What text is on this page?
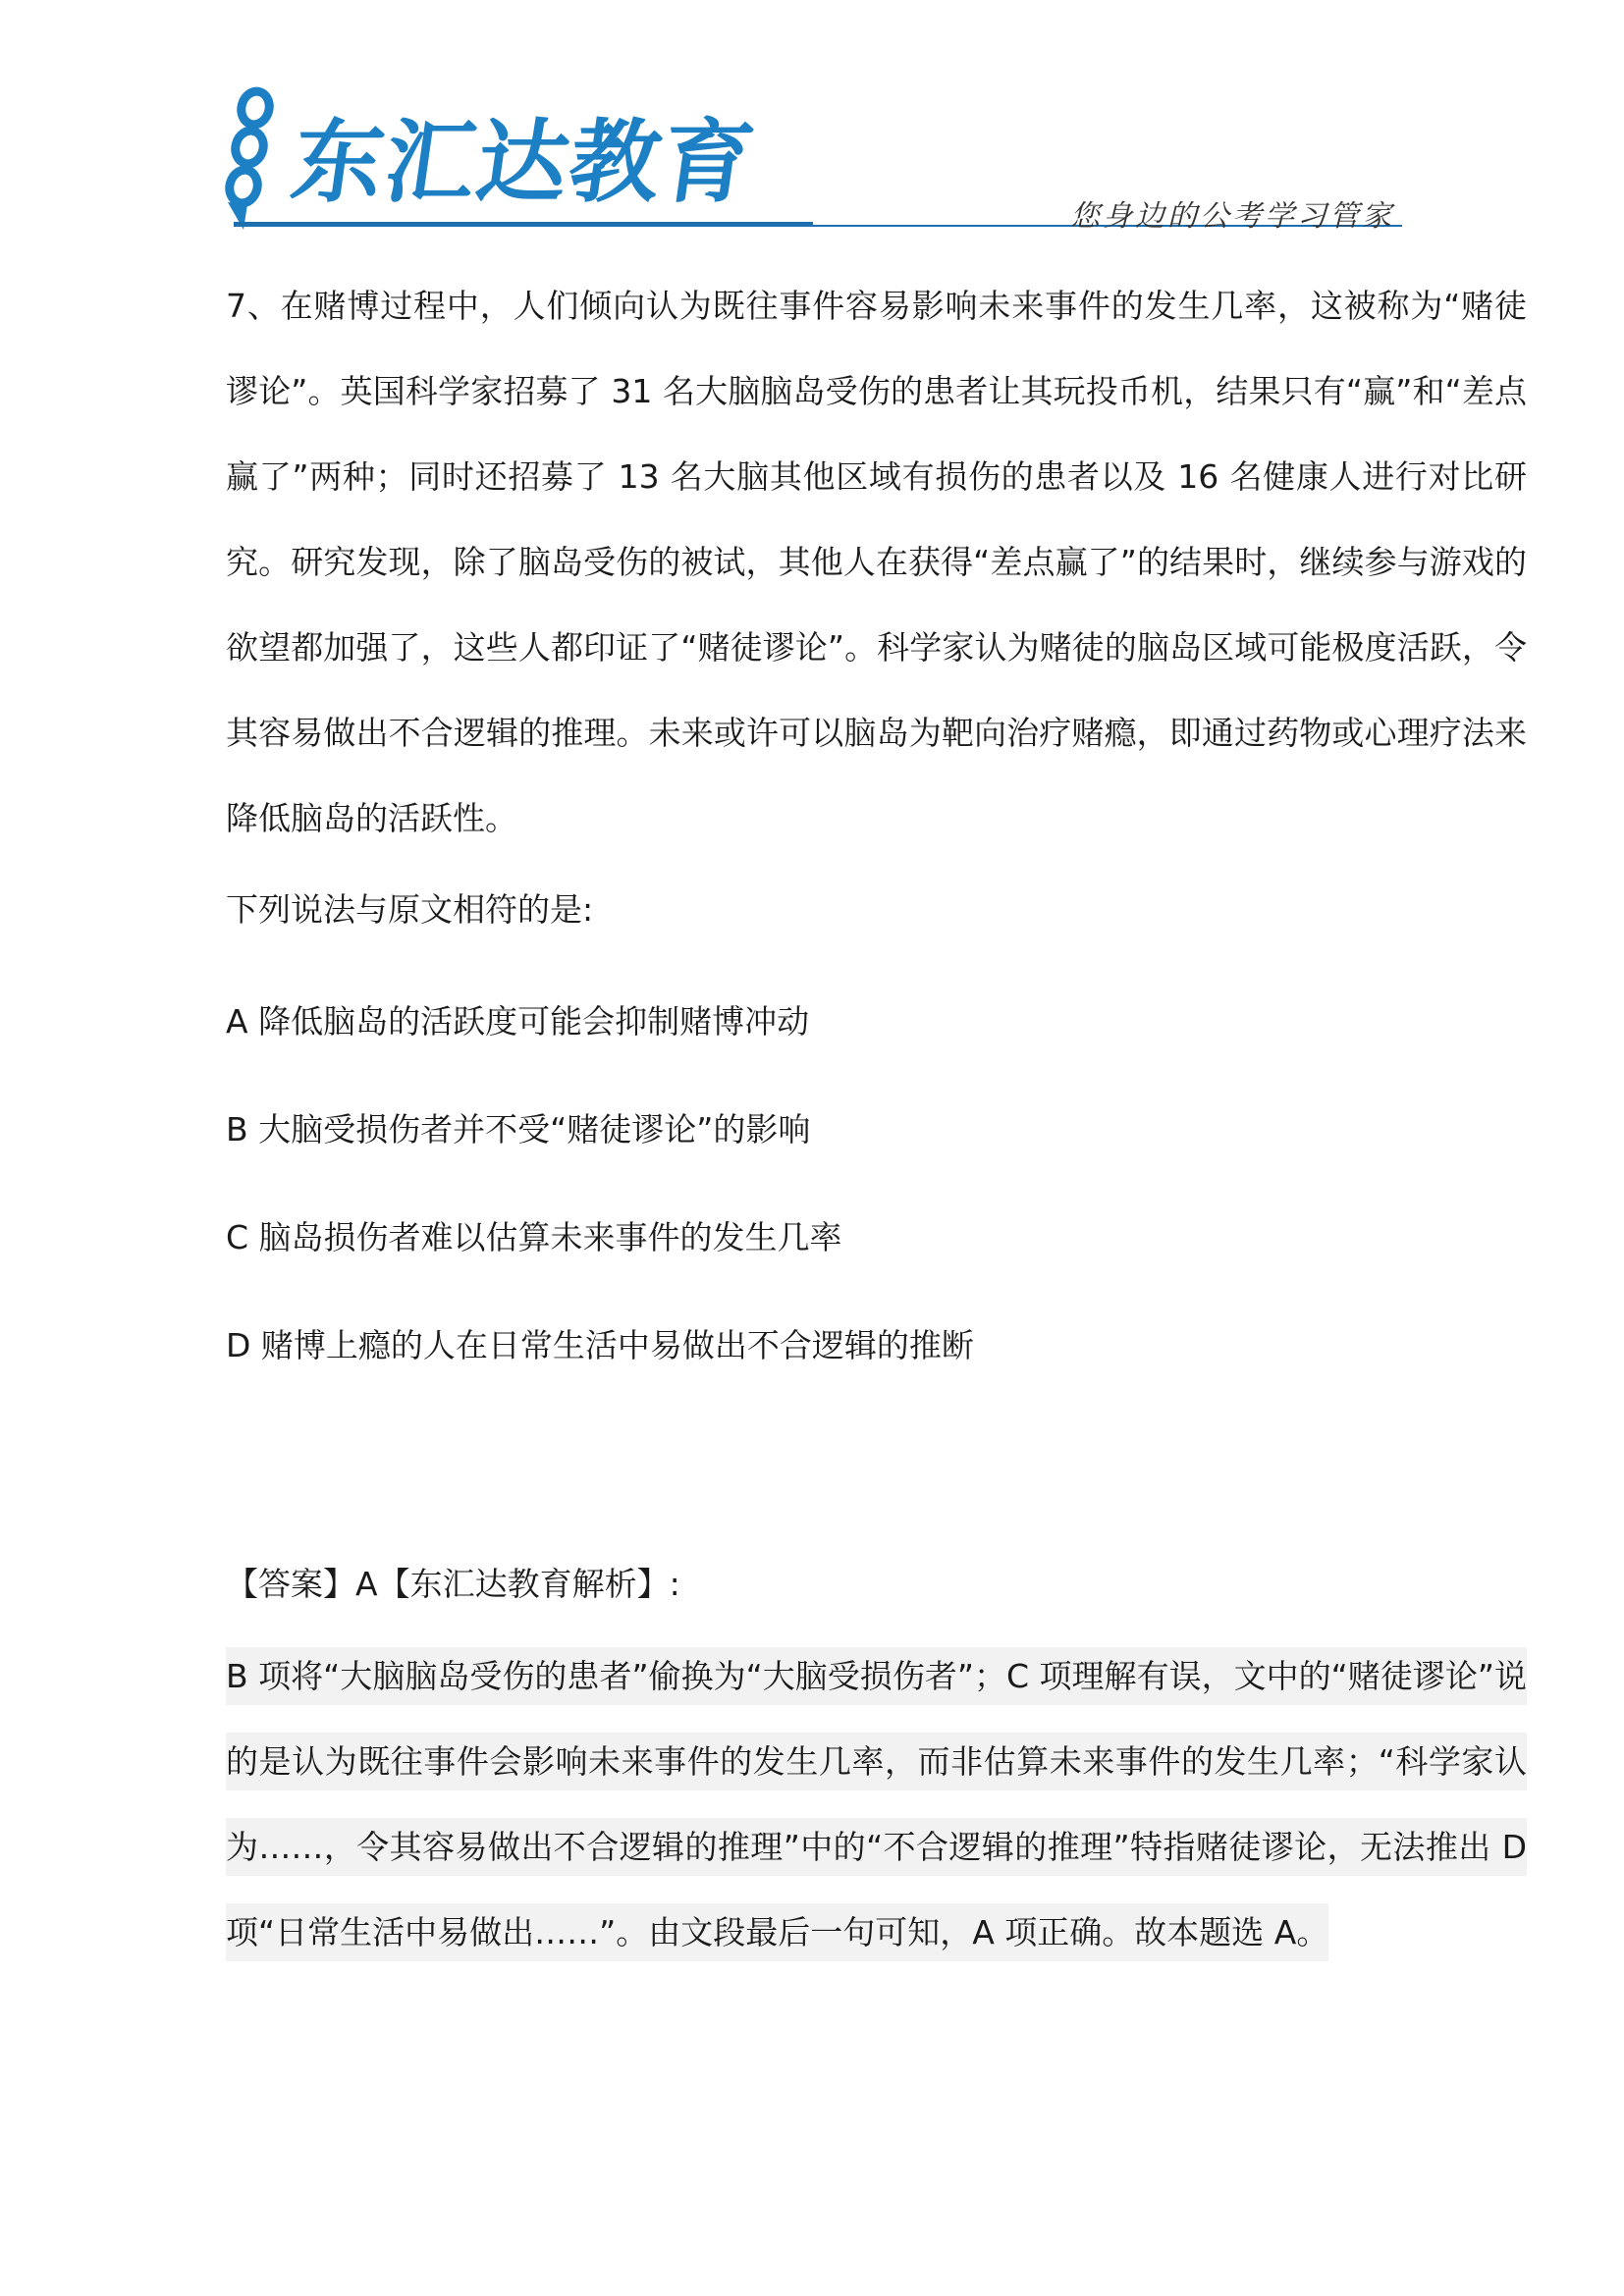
东汇达教育
您身边的公考学习管家

7、在赌博过程中，人们倾向认为既往事件容易影响未来事件的发生几率，这被称为“赌徒谬论”。英国科学家招募了 31 名大脑脑岛受伤的患者让其玩投币机，结果只有“赢”和“差点赢了”两种；同时还招募了 13 名大脑其他区域有损伤的患者以及 16 名健康人进行对比研究。研究发现，除了脑岛受伤的被试，其他人在获得“差点赢了”的结果时，继续参与游戏的欲望都加强了，这些人都印证了“赌徒谬论”。科学家认为赌徒的脑岛区域可能极度活跃，令其容易做出不合逻辑的推理。未来或许可以脑岛为靶向治疗赌瘾，即通过药物或心理疗法来降低脑岛的活跃性。

下列说法与原文相符的是:

A 降低脑岛的活跃度可能会抑制赌博冲动

B 大脑受损伤者并不受“赌徒谬论”的影响

C 脑岛损伤者难以估算未来事件的发生几率

D 赌博上瘾的人在日常生活中易做出不合逻辑的推断

【答案】A【东汇达教育解析】:
B 项将“大脑脑岛受伤的患者”偷换为“大脑受损伤者”；C 项理解有误，文中的“赌徒谬论”说的是认为既往事件会影响未来事件的发生几率，而非估算未来事件的发生几率；“科学家认为……，令其容易做出不合逻辑的推理”中的“不合逻辑的推理”特指赌徒谬论，无法推出 D 项“日常生活中易做出……”。由文段最后一句可知，A 项正确。故本题选 A。
